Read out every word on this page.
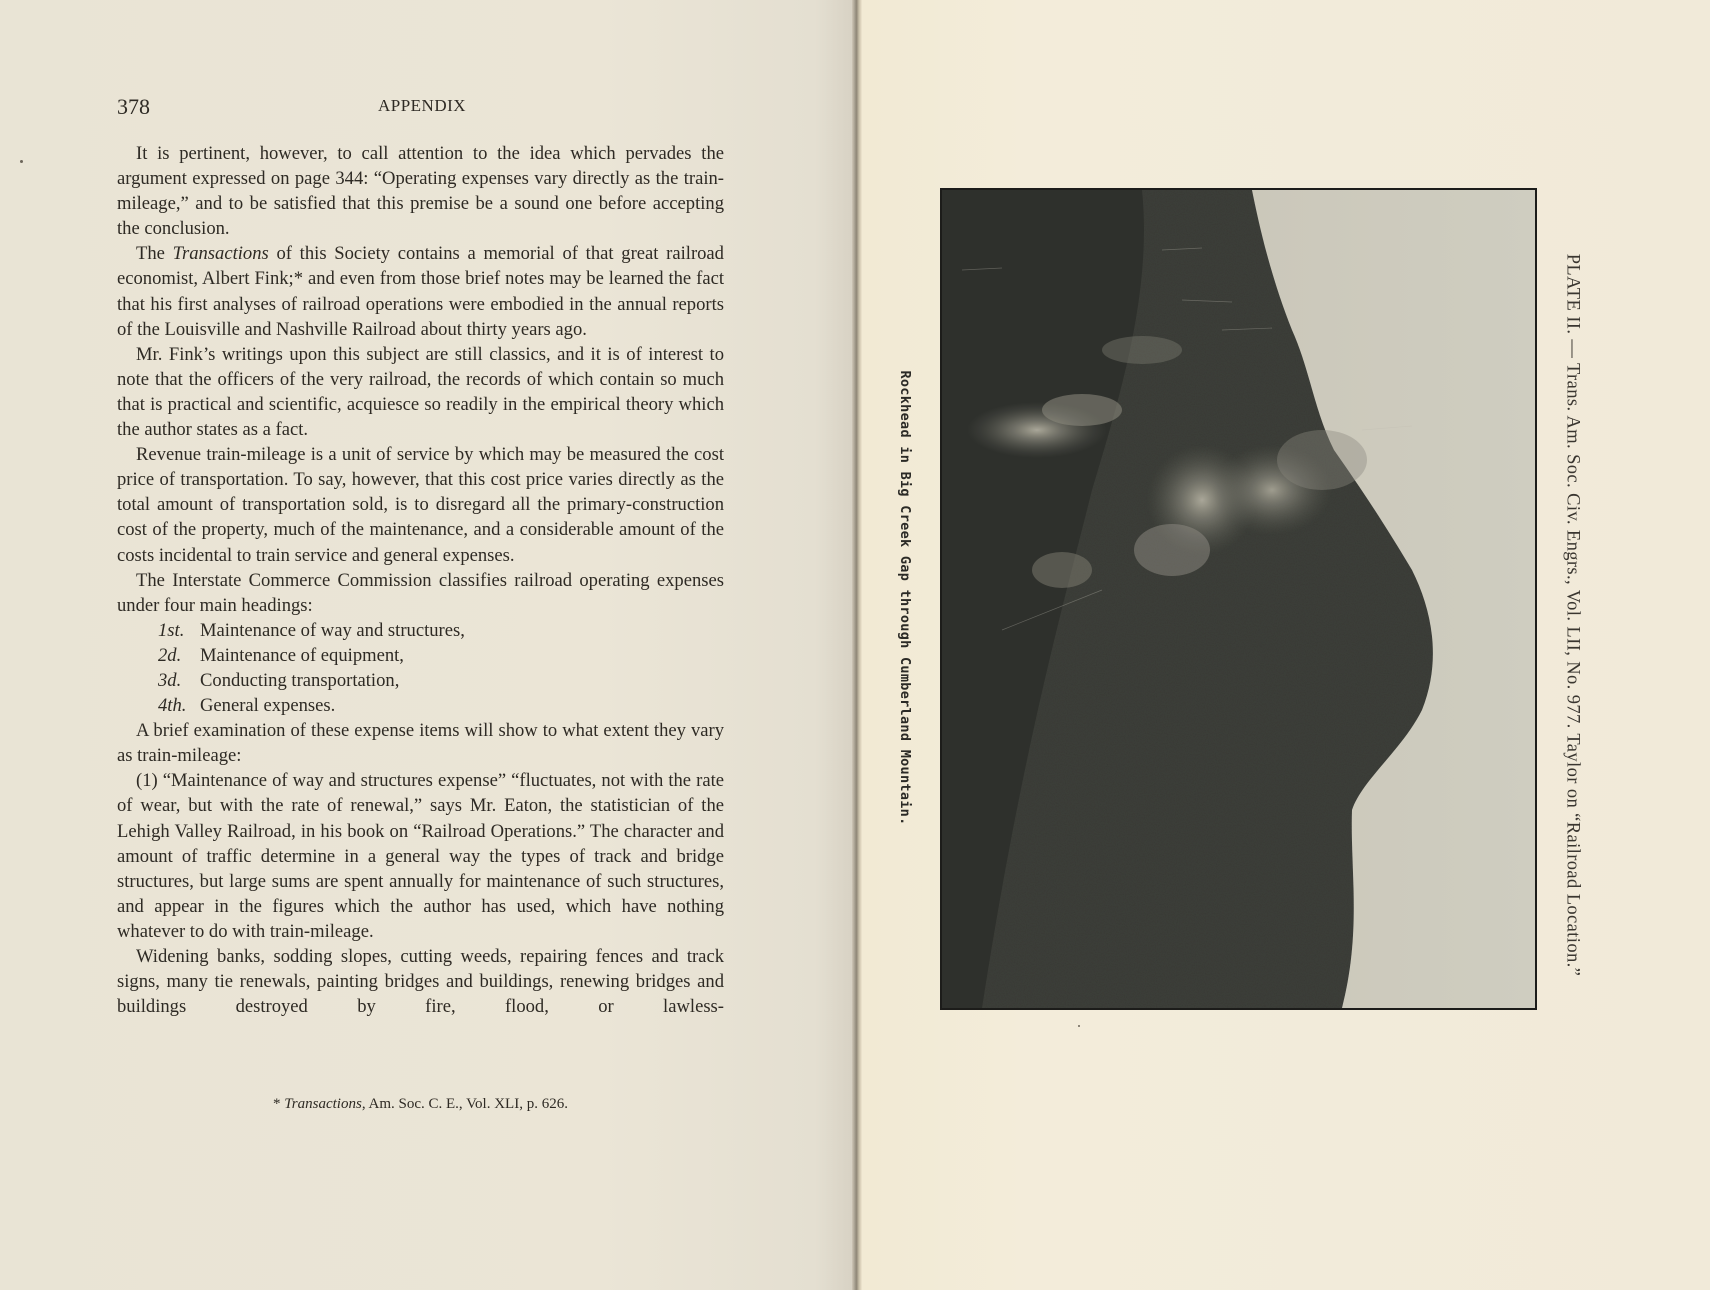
378	APPENDIX

It is pertinent, however, to call attention to the idea which pervades the argument expressed on page 344: “Operating expenses vary directly as the train-mileage,” and to be satisfied that this premise be a sound one before accepting the conclusion.

The Transactions of this Society contains a memorial of that great railroad economist, Albert Fink;* and even from those brief notes may be learned the fact that his first analyses of railroad operations were embodied in the annual reports of the Louisville and Nashville Railroad about thirty years ago.

Mr. Fink’s writings upon this subject are still classics, and it is of interest to note that the officers of the very railroad, the records of which contain so much that is practical and scientific, acquiesce so readily in the empirical theory which the author states as a fact.

Revenue train-mileage is a unit of service by which may be measured the cost price of transportation. To say, however, that this cost price varies directly as the total amount of transportation sold, is to disregard all the primary-construction cost of the property, much of the maintenance, and a considerable amount of the costs incidental to train service and general expenses.

The Interstate Commerce Commission classifies railroad operating expenses under four main headings:

1st. Maintenance of way and structures,

2d. Maintenance of equipment,

3d. Conducting transportation,

4th. General expenses.

A brief examination of these expense items will show to what extent they vary as train-mileage:

(1) “Maintenance of way and structures expense” “fluctuates, not with the rate of wear, but with the rate of renewal,” says Mr. Eaton, the statistician of the Lehigh Valley Railroad, in his book on “Railroad Operations.” The character and amount of traffic determine in a general way the types of track and bridge structures, but large sums are spent annually for maintenance of such structures, and appear in the figures which the author has used, which have nothing whatever to do with train-mileage.

Widening banks, sodding slopes, cutting weeds, repairing fences and track signs, many tie renewals, painting bridges and buildings, renewing bridges and buildings destroyed by fire, flood, or lawless-

* Transactions, Am. Soc. C. E., Vol. XLI, p. 626.
Rockhead in Big Creek Gap through Cumberland Mountain.	PLATE II. — Trans. Am. Soc. Civ. Engrs., Vol. LII, No. 977. Taylor on “Railroad Location.”
